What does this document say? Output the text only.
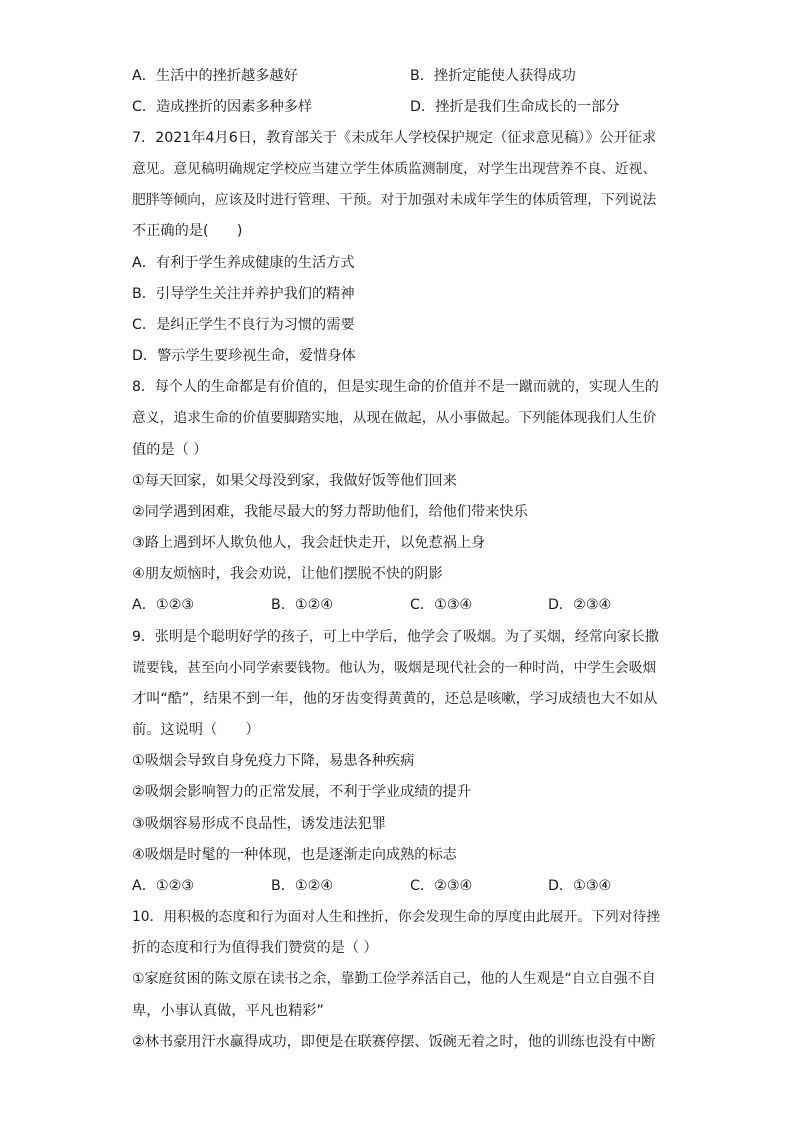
A．生活中的挫折越多越好	B．挫折定能使人获得成功
C．造成挫折的因素多种多样	D．挫折是我们生命成长的一部分
7．2021年4月6日，教育部关于《未成年人学校保护规定（征求意见稿）》公开征求
意见。意见稿明确规定学校应当建立学生体质监测制度，对学生出现营养不良、近视、
肥胖等倾向，应该及时进行管理、干预。对于加强对未成年学生的体质管理，下列说法
不正确的是(　　)
A．有利于学生养成健康的生活方式
B．引导学生关注并养护我们的精神
C．是纠正学生不良行为习惯的需要
D．警示学生要珍视生命，爱惜身体
8．每个人的生命都是有价值的，但是实现生命的价值并不是一蹴而就的，实现人生的
意义，追求生命的价值要脚踏实地，从现在做起，从小事做起。下列能体现我们人生价
值的是（ ）
①每天回家，如果父母没到家，我做好饭等他们回来
②同学遇到困难，我能尽最大的努力帮助他们，给他们带来快乐
③路上遇到坏人欺负他人，我会赶快走开，以免惹祸上身
④朋友烦恼时，我会劝说，让他们摆脱不快的阴影
A．①②③	B．①②④	C．①③④	D．②③④
9．张明是个聪明好学的孩子，可上中学后，他学会了吸烟。为了买烟，经常向家长撒
谎要钱，甚至向小同学索要钱物。他认为，吸烟是现代社会的一种时尚，中学生会吸烟
才叫“酷”，结果不到一年，他的牙齿变得黄黄的，还总是咳嗽，学习成绩也大不如从
前。这说明（　　）
①吸烟会导致自身免疫力下降，易患各种疾病
②吸烟会影响智力的正常发展，不利于学业成绩的提升
③吸烟容易形成不良品性，诱发违法犯罪
④吸烟是时髦的一种体现，也是逐渐走向成熟的标志
A．①②③	B．①②④	C．②③④	D．①③④
10．用积极的态度和行为面对人生和挫折，你会发现生命的厚度由此展开。下列对待挫
折的态度和行为值得我们赞赏的是（ ）
①家庭贫困的陈文原在读书之余，靠勤工俭学养活自己，他的人生观是“自立自强不自
卑，小事认真做，平凡也精彩”
②林书豪用汗水赢得成功，即便是在联赛停摆、饭碗无着之时，他的训练也没有中断
